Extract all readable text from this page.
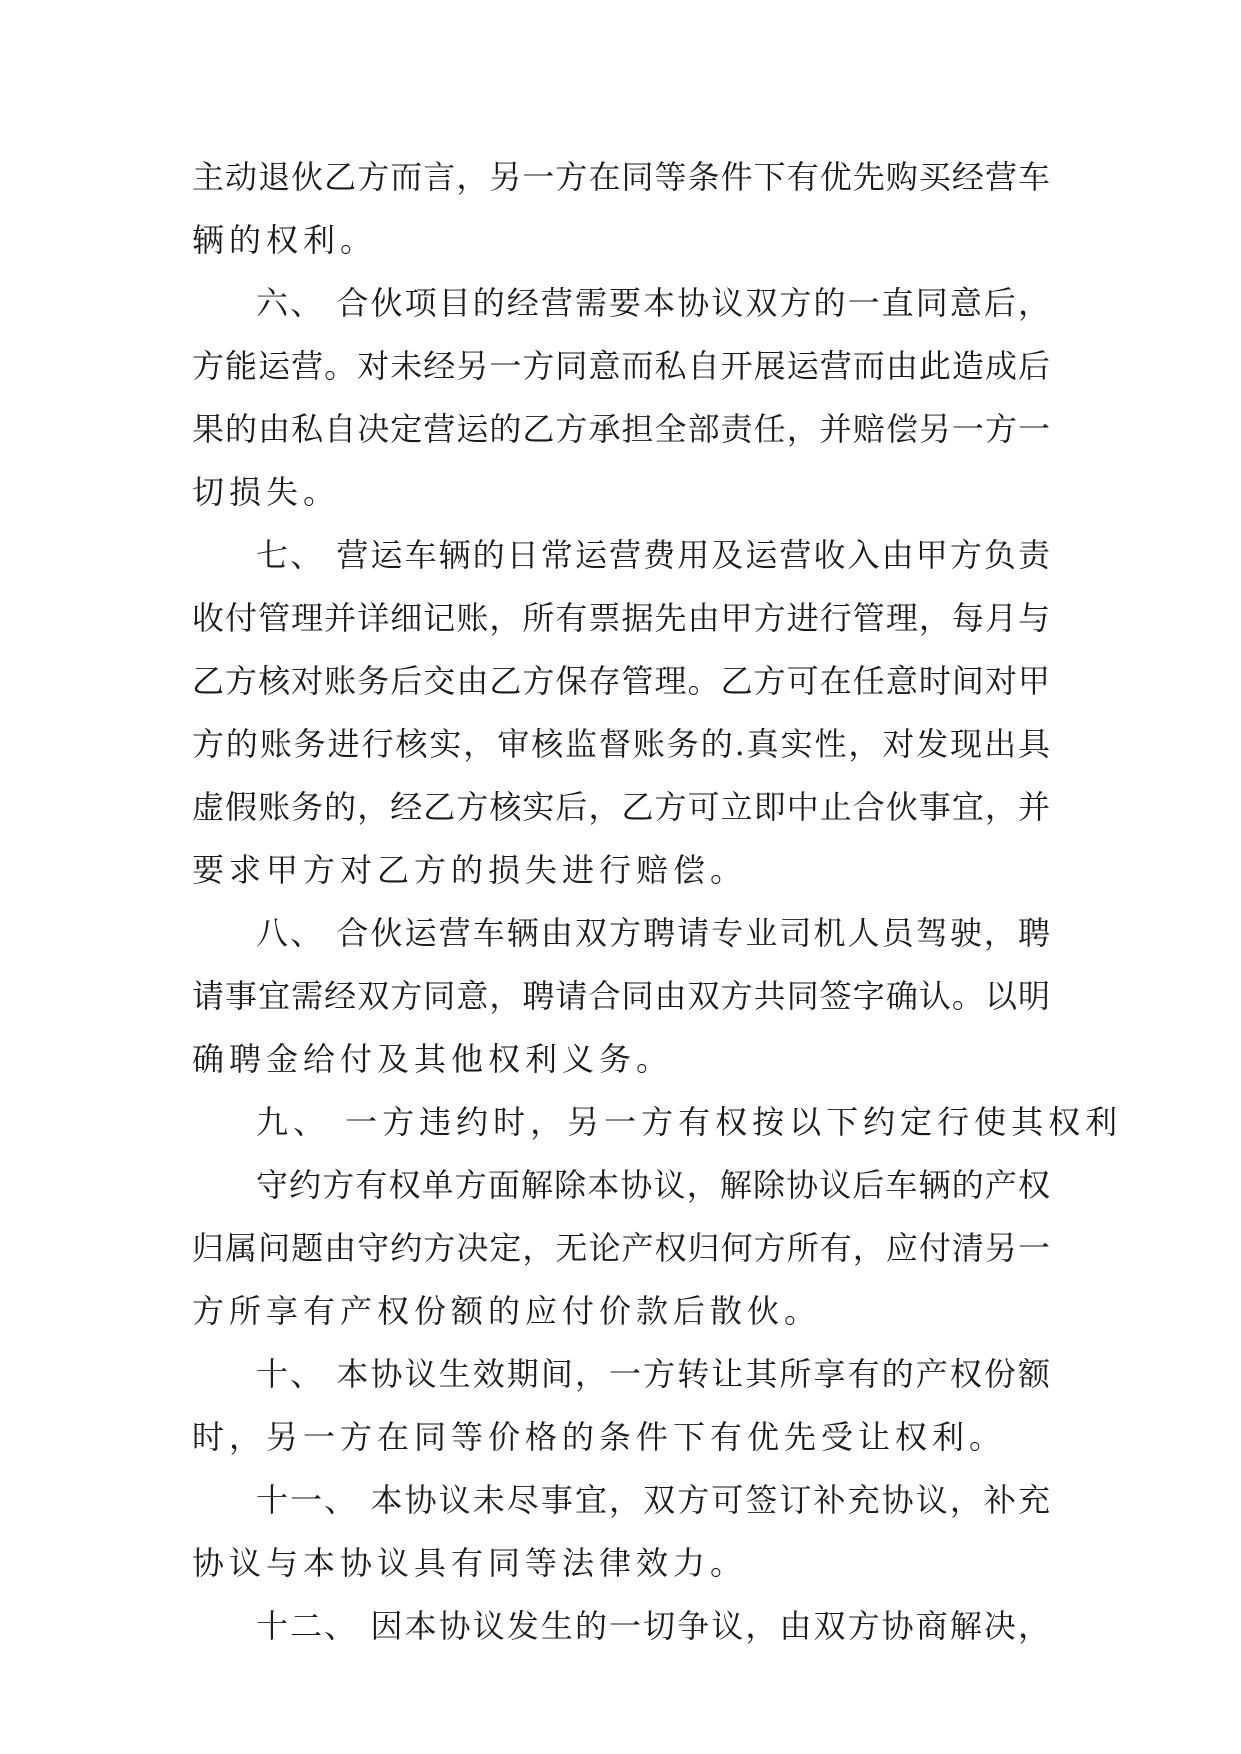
主动退伙乙方而言，另一方在同等条件下有优先购买经营车
辆的权利。
六、 合伙项目的经营需要本协议双方的一直同意后，
方能运营。对未经另一方同意而私自开展运营而由此造成后
果的由私自决定营运的乙方承担全部责任，并赔偿另一方一
切损失。
七、 营运车辆的日常运营费用及运营收入由甲方负责
收付管理并详细记账，所有票据先由甲方进行管理，每月与
乙方核对账务后交由乙方保存管理。乙方可在任意时间对甲
方的账务进行核实，审核监督账务的.真实性，对发现出具
虚假账务的，经乙方核实后，乙方可立即中止合伙事宜，并
要求甲方对乙方的损失进行赔偿。
八、 合伙运营车辆由双方聘请专业司机人员驾驶，聘
请事宜需经双方同意，聘请合同由双方共同签字确认。以明
确聘金给付及其他权利义务。
九、 一方违约时，另一方有权按以下约定行使其权利
守约方有权单方面解除本协议，解除协议后车辆的产权
归属问题由守约方决定，无论产权归何方所有，应付清另一
方所享有产权份额的应付价款后散伙。
十、 本协议生效期间，一方转让其所享有的产权份额
时，另一方在同等价格的条件下有优先受让权利。
十一、 本协议未尽事宜，双方可签订补充协议，补充
协议与本协议具有同等法律效力。
十二、 因本协议发生的一切争议，由双方协商解决，
